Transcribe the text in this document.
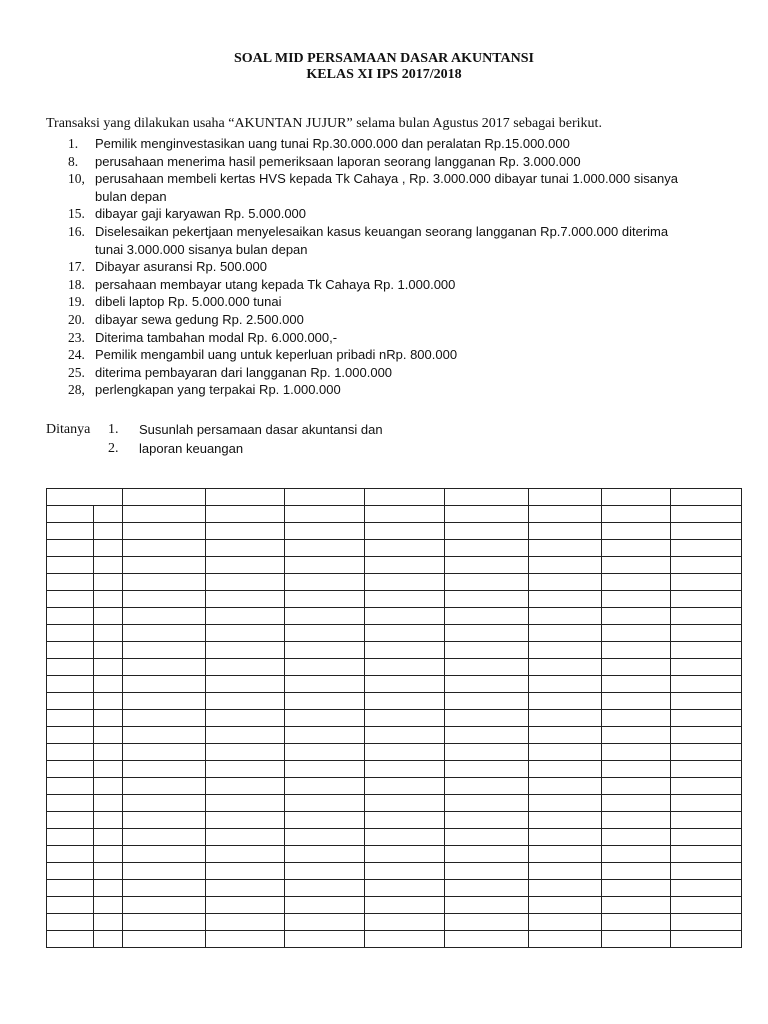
SOAL MID PERSAMAAN DASAR AKUNTANSI
KELAS XI IPS 2017/2018
Transaksi yang dilakukan usaha “AKUNTAN JUJUR” selama bulan Agustus 2017 sebagai berikut.
1.	Pemilik menginvestasikan uang tunai Rp.30.000.000 dan peralatan Rp.15.000.000
8.	perusahaan menerima hasil pemeriksaan laporan seorang langganan Rp. 3.000.000
10, perusahaan membeli kertas HVS kepada Tk Cahaya , Rp. 3.000.000 dibayar tunai 1.000.000 sisanya
bulan depan
15. dibayar gaji karyawan Rp. 5.000.000
16. Diselesaikan pekertjaan menyelesaikan kasus keuangan seorang langganan Rp.7.000.000 diterima
tunai 3.000.000 sisanya bulan depan
17. Dibayar asuransi Rp. 500.000
18. persahaan membayar utang kepada Tk Cahaya Rp. 1.000.000
19. dibeli laptop Rp. 5.000.000 tunai
20. dibayar sewa gedung Rp. 2.500.000
23. Diterima tambahan modal Rp. 6.000.000,-
24. Pemilik mengambil uang untuk keperluan pribadi nRp. 800.000
25. diterima pembayaran dari langganan Rp. 1.000.000
28, perlengkapan yang terpakai Rp. 1.000.000
Ditanya	1.	Susunlah persamaan dasar akuntansi dan
2.	laporan keuangan
